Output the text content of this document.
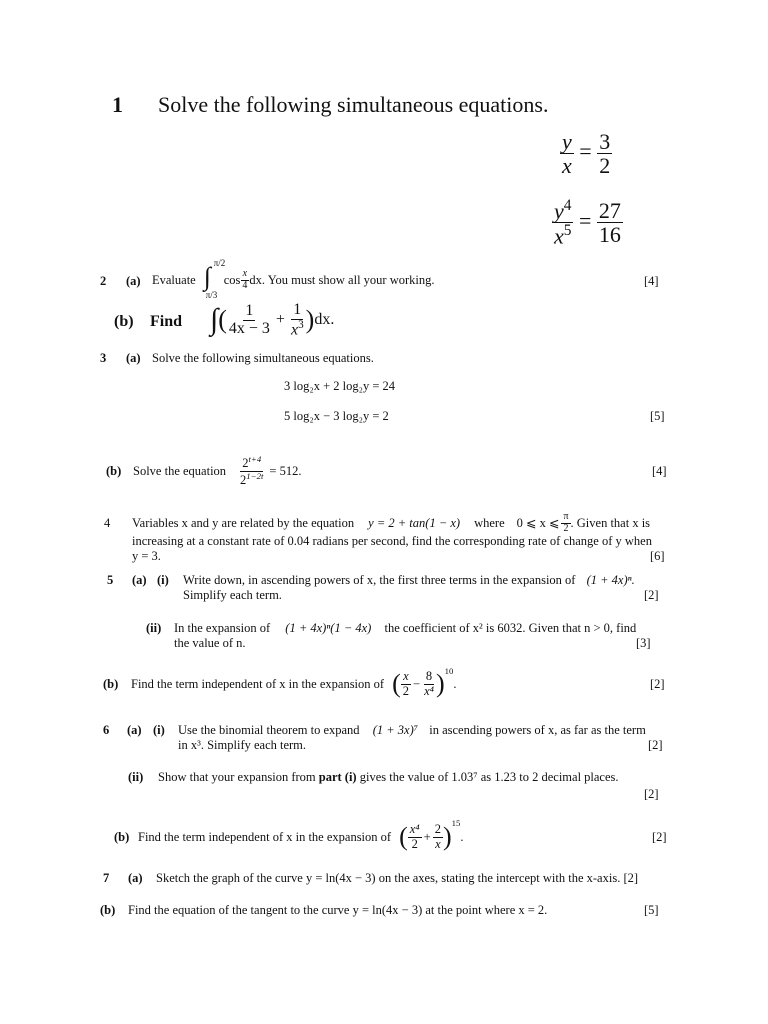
1 Solve the following simultaneous equations.
$\frac{y}{x} = \frac{3}{2}$
$\frac{y^4}{x^5} = \frac{27}{16}$
2 (a) Evaluate ∫ π/2
π/3
$\cos \frac{x}{4}$ dx. You must show all your working.	[4]
(b) Find ∫ ( $\frac{1}{4x - 3} + \frac{1}{x^3}$ ) dx.
3 (a) Solve the following simultaneous equations.
3 log₂x + 2 log₂y = 24
5 log₂x − 3 log₂y = 2	[5]
(b) Solve the equation $\frac{2^{t+4}}{2^{1-2t}} = 512$.	[4]
4 Variables x and y are related by the equation y = 2 + tan(1 − x) where 0 ⩽ x ⩽ $\frac{\pi}{2}$ . Given that x is
increasing at a constant rate of 0.04 radians per second, find the corresponding rate of change of y when
y = 3.	[6]
5 (a) (i) Write down, in ascending powers of x, the first three terms in the expansion of (1 + 4x)ⁿ.
Simplify each term.	[2]
(ii) In the expansion of (1 + 4x)ⁿ(1 − 4x) the coefficient of x² is 6032. Given that n > 0, find
the value of n.	[3]
(b) Find the term independent of x in the expansion of ( $\frac{x}{2} - \frac{8}{\text{x⁴}} )^{10}$
.	[2]
6 (a) (i) Use the binomial theorem to expand (1 + 3x)⁷ in ascending powers of x, as far as the term
in x³. Simplify each term.	[2]
(ii) Show that your expansion from part (i) gives the value of 1.03⁷ as 1.23 to 2 decimal places.
[2]
(b) Find the term independent of x in the expansion of ( $\frac{\text{x⁴}}{2} + \frac{2}{x} )^{15}$
.	[2]
7 (a) Sketch the graph of the curve y = ln(4x − 3) on the axes, stating the intercept with the x-axis. [2]
(b) Find the equation of the tangent to the curve y = ln(4x − 3) at the point where x = 2.	[5]
